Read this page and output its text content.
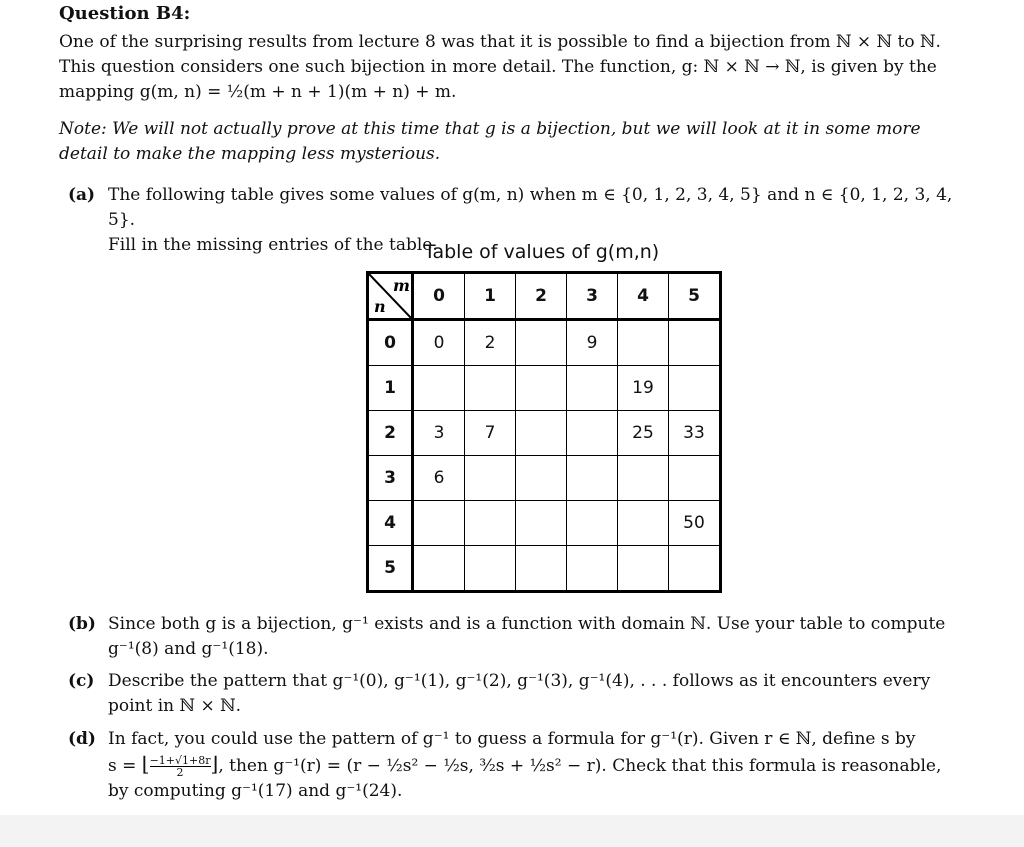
Question B4:

One of the surprising results from lecture 8 was that it is possible to find a bijection from ℕ × ℕ to ℕ.

This question considers one such bijection in more detail. The function, g: ℕ × ℕ → ℕ, is given by the

mapping g(m, n) = ½(m + n + 1)(m + n) + m.

Note: We will not actually prove at this time that g is a bijection, but we will look at it in some more

detail to make the mapping less mysterious.

(a) The following table gives some values of g(m, n) when m ∈ {0, 1, 2, 3, 4, 5} and n ∈ {0, 1, 2, 3, 4, 5}.
Fill in the missing entries of the table.
(b) Since both g is a bijection, g⁻¹ exists and is a function with domain ℕ. Use your table to compute
g⁻¹(8) and g⁻¹(18).
(c) Describe the pattern that g⁻¹(0), g⁻¹(1), g⁻¹(2), g⁻¹(3), g⁻¹(4), . . . follows as it encounters every
point in ℕ × ℕ.
(d) In fact, you could use the pattern of g⁻¹ to guess a formula for g⁻¹(r). Given r ∈ ℕ, define s by
s = ⌊ $\frac{-1+√1+8r}{2}$ ⌋, then g⁻¹(r) = (r − ½s² − ½s, ³⁄₂s + ½s² − r). Check that this formula is reasonable,
by computing g⁻¹(17) and g⁻¹(24).
Table of values of g(m,n)
m
n	0	1	2	3	4	5
0	0	2		9		
1					19	
2	3	7			25	33
3	6					
4						50
5						
